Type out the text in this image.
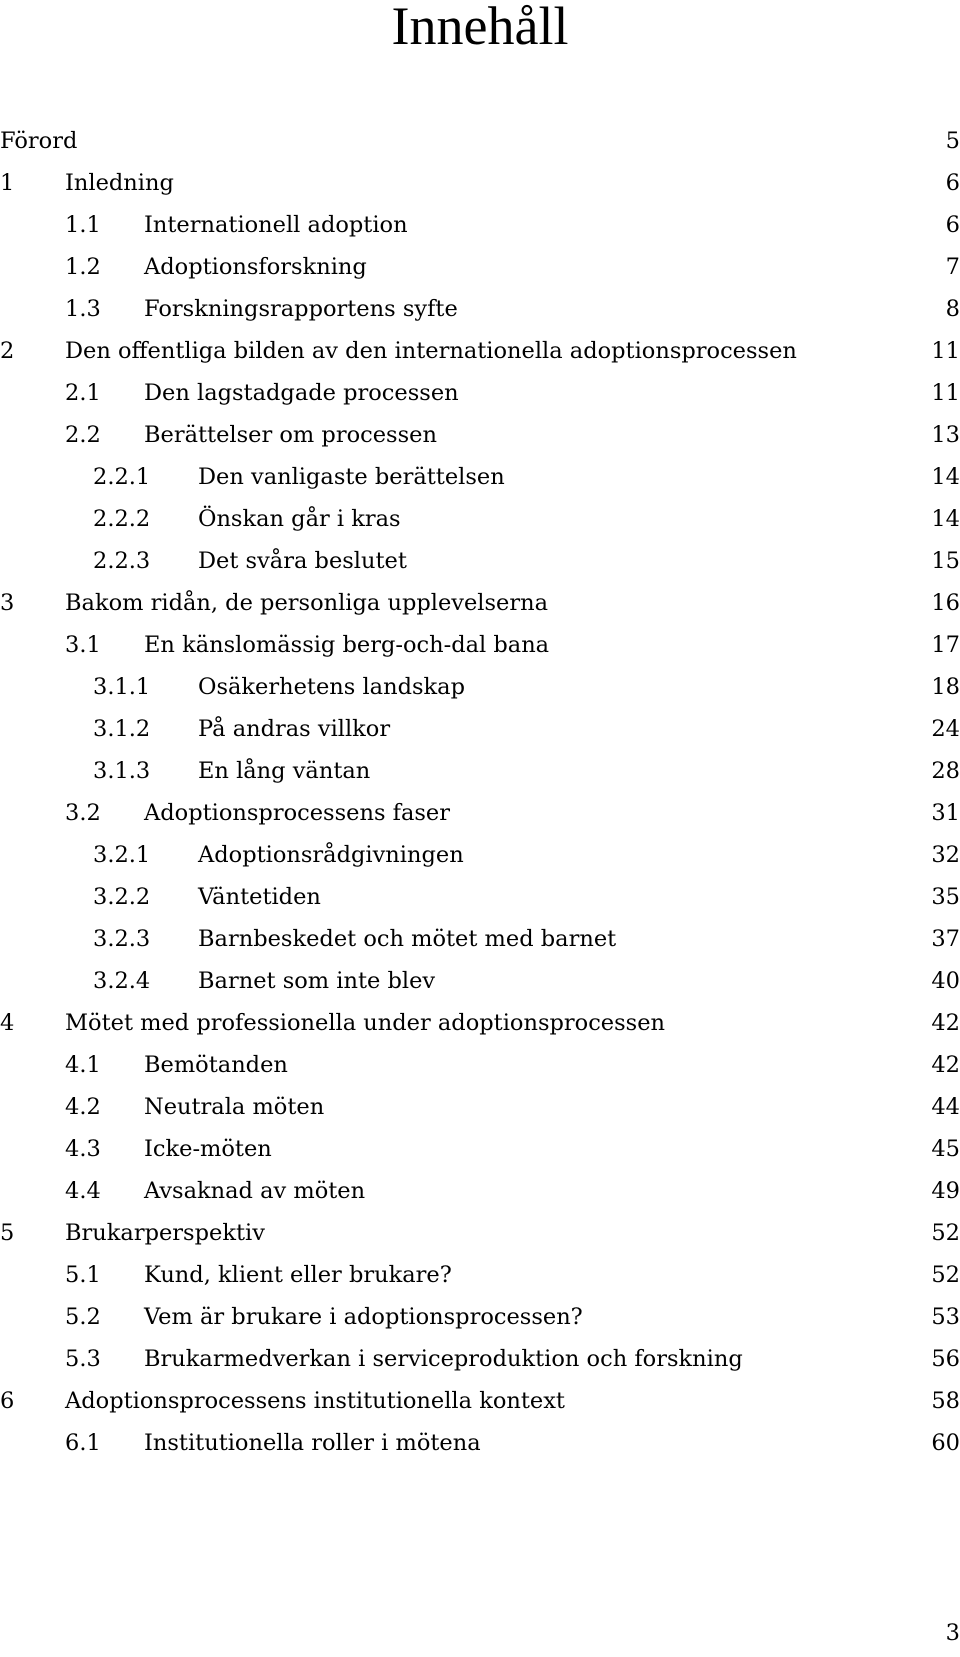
Innehåll
Förord	5
1 Inledning	6
1.1 Internationell adoption	6
1.2 Adoptionsforskning	7
1.3 Forskningsrapportens syfte	8
2 Den offentliga bilden av den internationella adoptionsprocessen	11
2.1 Den lagstadgade processen	11
2.2 Berättelser om processen	13
2.2.1 Den vanligaste berättelsen	14
2.2.2 Önskan går i kras	14
2.2.3 Det svåra beslutet	15
3 Bakom ridån, de personliga upplevelserna	16
3.1 En känslomässig berg-och-dal bana	17
3.1.1 Osäkerhetens landskap	18
3.1.2 På andras villkor	24
3.1.3 En lång väntan	28
3.2 Adoptionsprocessens faser	31
3.2.1 Adoptionsrådgivningen	32
3.2.2 Väntetiden	35
3.2.3 Barnbeskedet och mötet med barnet	37
3.2.4 Barnet som inte blev	40
4 Mötet med professionella under adoptionsprocessen	42
4.1 Bemötanden	42
4.2 Neutrala möten	44
4.3 Icke-möten	45
4.4 Avsaknad av möten	49
5 Brukarperspektiv	52
5.1 Kund, klient eller brukare?	52
5.2 Vem är brukare i adoptionsprocessen?	53
5.3 Brukarmedverkan i serviceproduktion och forskning	56
6 Adoptionsprocessens institutionella kontext	58
6.1 Institutionella roller i mötena	60
3
